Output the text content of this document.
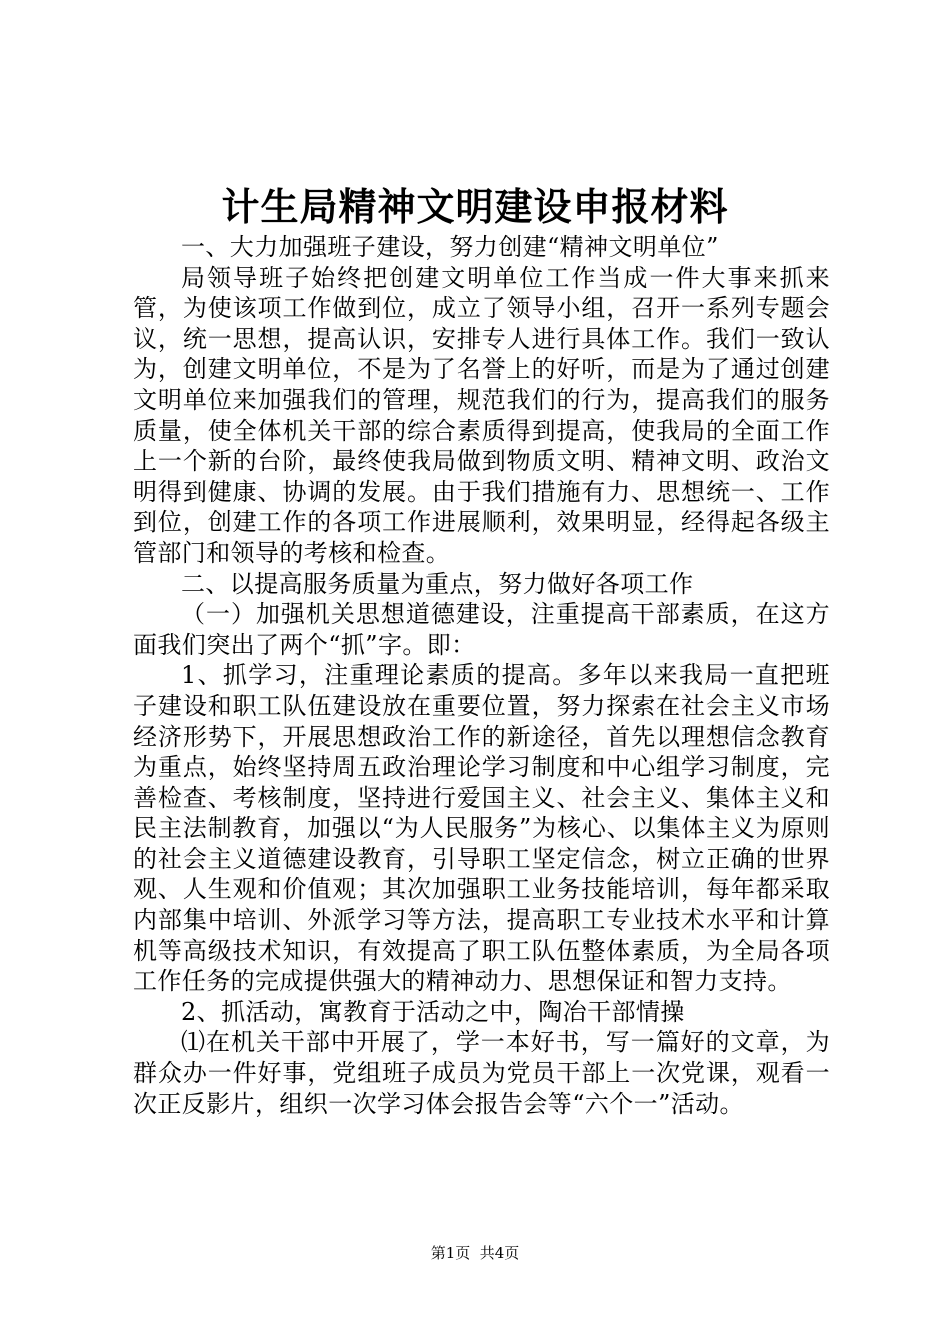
计生局精神文明建设申报材料

一、大力加强班子建设，努力创建“精神文明单位”

局领导班子始终把创建文明单位工作当成一件大事来抓来管，为使该项工作做到位，成立了领导小组，召开一系列专题会议，统一思想，提高认识，安排专人进行具体工作。我们一致认为，创建文明单位，不是为了名誉上的好听，而是为了通过创建文明单位来加强我们的管理，规范我们的行为，提高我们的服务质量，使全体机关干部的综合素质得到提高，使我局的全面工作上一个新的台阶，最终使我局做到物质文明、精神文明、政治文明得到健康、协调的发展。由于我们措施有力、思想统一、工作到位，创建工作的各项工作进展顺利，效果明显，经得起各级主管部门和领导的考核和检查。

二、以提高服务质量为重点，努力做好各项工作

（一）加强机关思想道德建设，注重提高干部素质，在这方面我们突出了两个“抓”字。即：

1、抓学习，注重理论素质的提高。多年以来我局一直把班子建设和职工队伍建设放在重要位置，努力探索在社会主义市场经济形势下，开展思想政治工作的新途径，首先以理想信念教育为重点，始终坚持周五政治理论学习制度和中心组学习制度，完善检查、考核制度，坚持进行爱国主义、社会主义、集体主义和民主法制教育，加强以“为人民服务”为核心、以集体主义为原则的社会主义道德建设教育，引导职工坚定信念，树立正确的世界观、人生观和价值观；其次加强职工业务技能培训，每年都采取内部集中培训、外派学习等方法，提高职工专业技术水平和计算机等高级技术知识，有效提高了职工队伍整体素质，为全局各项工作任务的完成提供强大的精神动力、思想保证和智力支持。

2、抓活动，寓教育于活动之中，陶冶干部情操

⑴在机关干部中开展了，学一本好书，写一篇好的文章，为群众办一件好事，党组班子成员为党员干部上一次党课，观看一次正反影片，组织一次学习体会报告会等“六个一”活动。

第1页  共4页
